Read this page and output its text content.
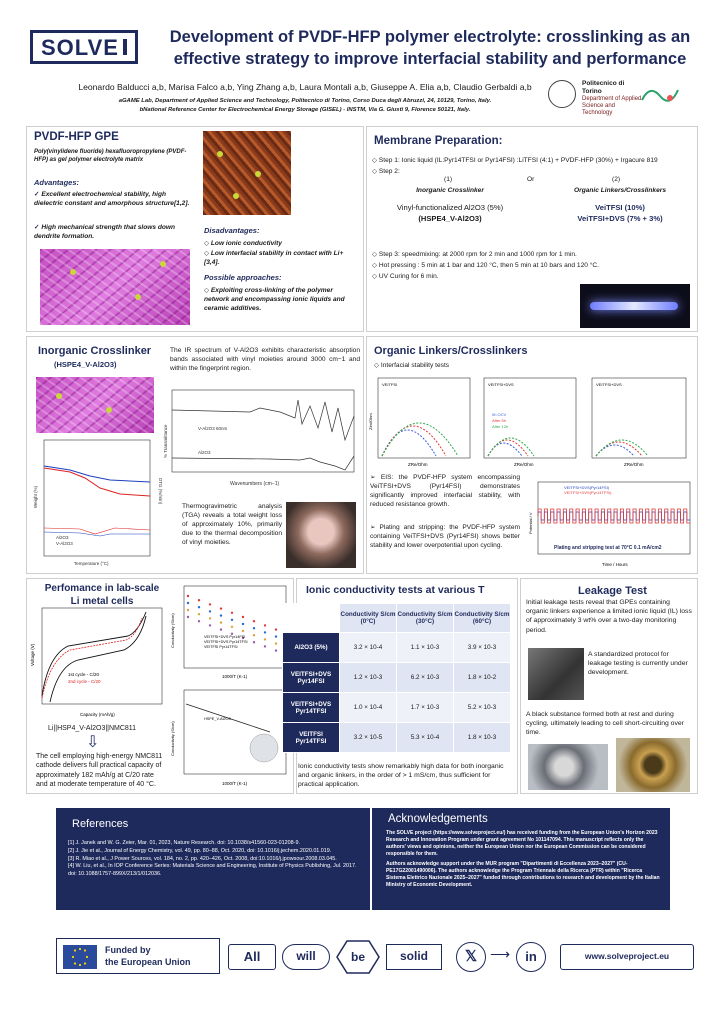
SOLVE	Development of PVDF-HFP polymer electrolyte: crosslinking as an
effective strategy to improve interfacial stability and performance
Leonardo Balducci a,b, Marisa Falco a,b, Ying Zhang a,b, Laura Montali a,b, Giuseppe A. Elia a,b, Claudio Gerbaldi a,b
aGAME Lab, Department of Applied Science and Technology, Politecnico di Torino, Corso Duca degli Abruzzi, 24, 10129, Torino, Italy.
bNational Reference Center for Electrochemical Energy Storage (GISEL) - INSTM, Via G. Giusti 9, Florence 50121, Italy.
Politecnico di Torino
Department of Applied Science and Technology
PVDF-HFP GPE
Poly(vinylidene fluoride) hexafluoropropylene (PVDF-HFP) as gel polymer electrolyte matrix
Advantages:
✓ Excellent electrochemical stability, high dielectric constant and amorphous structure[1,2].
✓ High mechanical strength that slows down dendrite formation.
Disadvantages:
◇ Low ionic conductivity
◇ Low interfacial stability in contact with Li+[3,4].
Possible approaches:
◇ Exploiting cross-linking of the polymer network and encompassing ionic liquids and ceramic additives.
Membrane Preparation:
◇ Step 1: Ionic liquid (IL:Pyr14TFSI or Pyr14FSI) :LiTFSI (4:1) + PVDF-HFP (30%) + Irgacure 819
◇ Step 2:
(1)	Or	(2)
Inorganic Crosslinker	Organic Linkers/Crosslinkers
Vinyl-functionalized Al2O3 (5%)
(HSPE4_V-Al2O3)
VeiTFSI (10%)
VeiTFSI+DVS (7% + 3%)
◇ Step 3: speedmixing: at 2000 rpm for 2 min and 1000 rpm for 1 min.
◇ Hot pressing : 5 min at 1 bar and 120 °C, then 5 min at 10 bars and 120 °C.
◇ UV Curing for 6 min.
Inorganic Crosslinker
(HSPE4_V-Al2O3)
The IR spectrum of V-Al2O3 exhibits characteristic absorption bands associated with vinyl moieties around 3000 cm−1 and within the fingerprint region.
V-Al2O3 60nm
Al2O3
Wavenumbers (cm−1)
% Transmittance
Al2O3
V-Al2O3
Temperature (°C)
Weight (%)	DTG (%/min)
Thermogravimetric analysis (TGA) reveals a total weight loss of approximately 10%, primarily due to the thermal decomposition of vinyl moieties.
Organic Linkers/Crosslinkers
◇ Interfacial stability tests
VEITFSI
ZRe/Ohm
ZIm/Ohm
VEITFSI+DVS
0h OCV
After 5h
After 12h
ZRe/Ohm
VEITFSI+DVS
ZRe/Ohm
➢ EIS: the PVDF-HFP system encompassing VeiTFSI+DVS (Pyr14FSI) demonstrates significantly improved interfacial stability, with reduced resistance growth.
➢ Plating and stripping: the PVDF-HFP system containing VeiTFSI+DVS (Pyr14FSI) shows better stability and lower overpotential upon cycling.
VEITFSI+DVS(Pyr14FSI)
VEITFSI+DVS(Pyr14TFSI)
Plating and stripping test at 70°C 0.1 mA/cm2
Time / Hours
Potential / V
Perfomance in lab-scale Li metal cells
1st cycle - C/20
2nd cycle - C/20
Capacity (mAh/g)
Voltage (V)
Li||HSP4_V-Al2O3||NMC811
⇩
The cell employing high-energy NMC811 cathode delivers full practical capacity of approximately 182 mAh/g at C/20 rate and at moderate temperature of 40 °C.
VEITFSI+DVS Pyr14FSI
VEITFSI+DVS Pyr14TFSI
VEITFSI Pyr14TFSI
1000/T (K-1)
Conductivity (S/cm)
HSPE_V-Al2O3
1000/T (K-1)
Conductivity (S/cm)
Ionic conductivity tests at various T
	Conductivity S/cm (0°C)	Conductivity S/cm (30°C)	Conductivity S/cm (60°C)
Al2O3 (5%)	3.2 × 10-4	1.1 × 10-3	3.9 × 10-3
VEITFSI+DVS Pyr14FSI	1.2 × 10-3	6.2 × 10-3	1.8 × 10-2
VEITFSI+DVS Pyr14TFSI	1.0 × 10-4	1.7 × 10-3	5.2 × 10-3
VEITFSI Pyr14TFSI	3.2 × 10-5	5.3 × 10-4	1.8 × 10-3
Ionic conductivity tests show remarkably high data for both inorganic and organic linkers, in the order of > 1 mS/cm, thus sufficient for practical application.
Leakage Test
Initial leakage tests reveal that GPEs containing organic linkers experience a limited ionic liquid (IL) loss of approximately 3 wt% over a two-day monitoring period.
A standardized protocol for leakage testing is currently under development.
A black substance formed both at rest and during cycling, ultimately leading to cell short-circuiting over time.
References
[1] J. Janek and W. G. Zeier, Mar. 01, 2023, Nature Research. doi: 10.1038/s41560-023-01208-9.
[2] J. Jie et al., Journal of Energy Chemistry, vol. 49, pp. 80–88, Oct. 2020, doi: 10.1016/j.jechem.2020.01.019.
[3] R. Miao et al., J Power Sources, vol. 184, no. 2, pp. 420–426, Oct. 2008, doi:10.1016/j.jpowsour.2008.03.045.
[4] W. Liu, et al., In IOP Conference Series: Materials Science and Engineering, Institute of Physics Publishing, Jul. 2017. doi: 10.1088/1757-899X/213/1/012036.
Acknowledgements
The SOLVE project (https://www.solveproject.eu/) has received funding from the European Union's Horizon 2023 Research and Innovation Program under grant agreement No 101147094. This manuscript reflects only the authors' views and opinions, neither the European Union nor the European Commission can be considered responsible for them.
Authors acknowledge support under the MUR program "Dipartimenti di Eccellenza 2023–2027" (CU-PE17G22001490006). The authors acknowledge the Program Triennale della Ricerca (PTR) within "Ricerca Sistema Elettrico Nazionale 2025–2027" funded through contributions to research and development by the Italian Ministry of Economic Development.
Funded by
the European Union	All	will	be	solid	𝕏 ⟶	in	www.solveproject.eu
